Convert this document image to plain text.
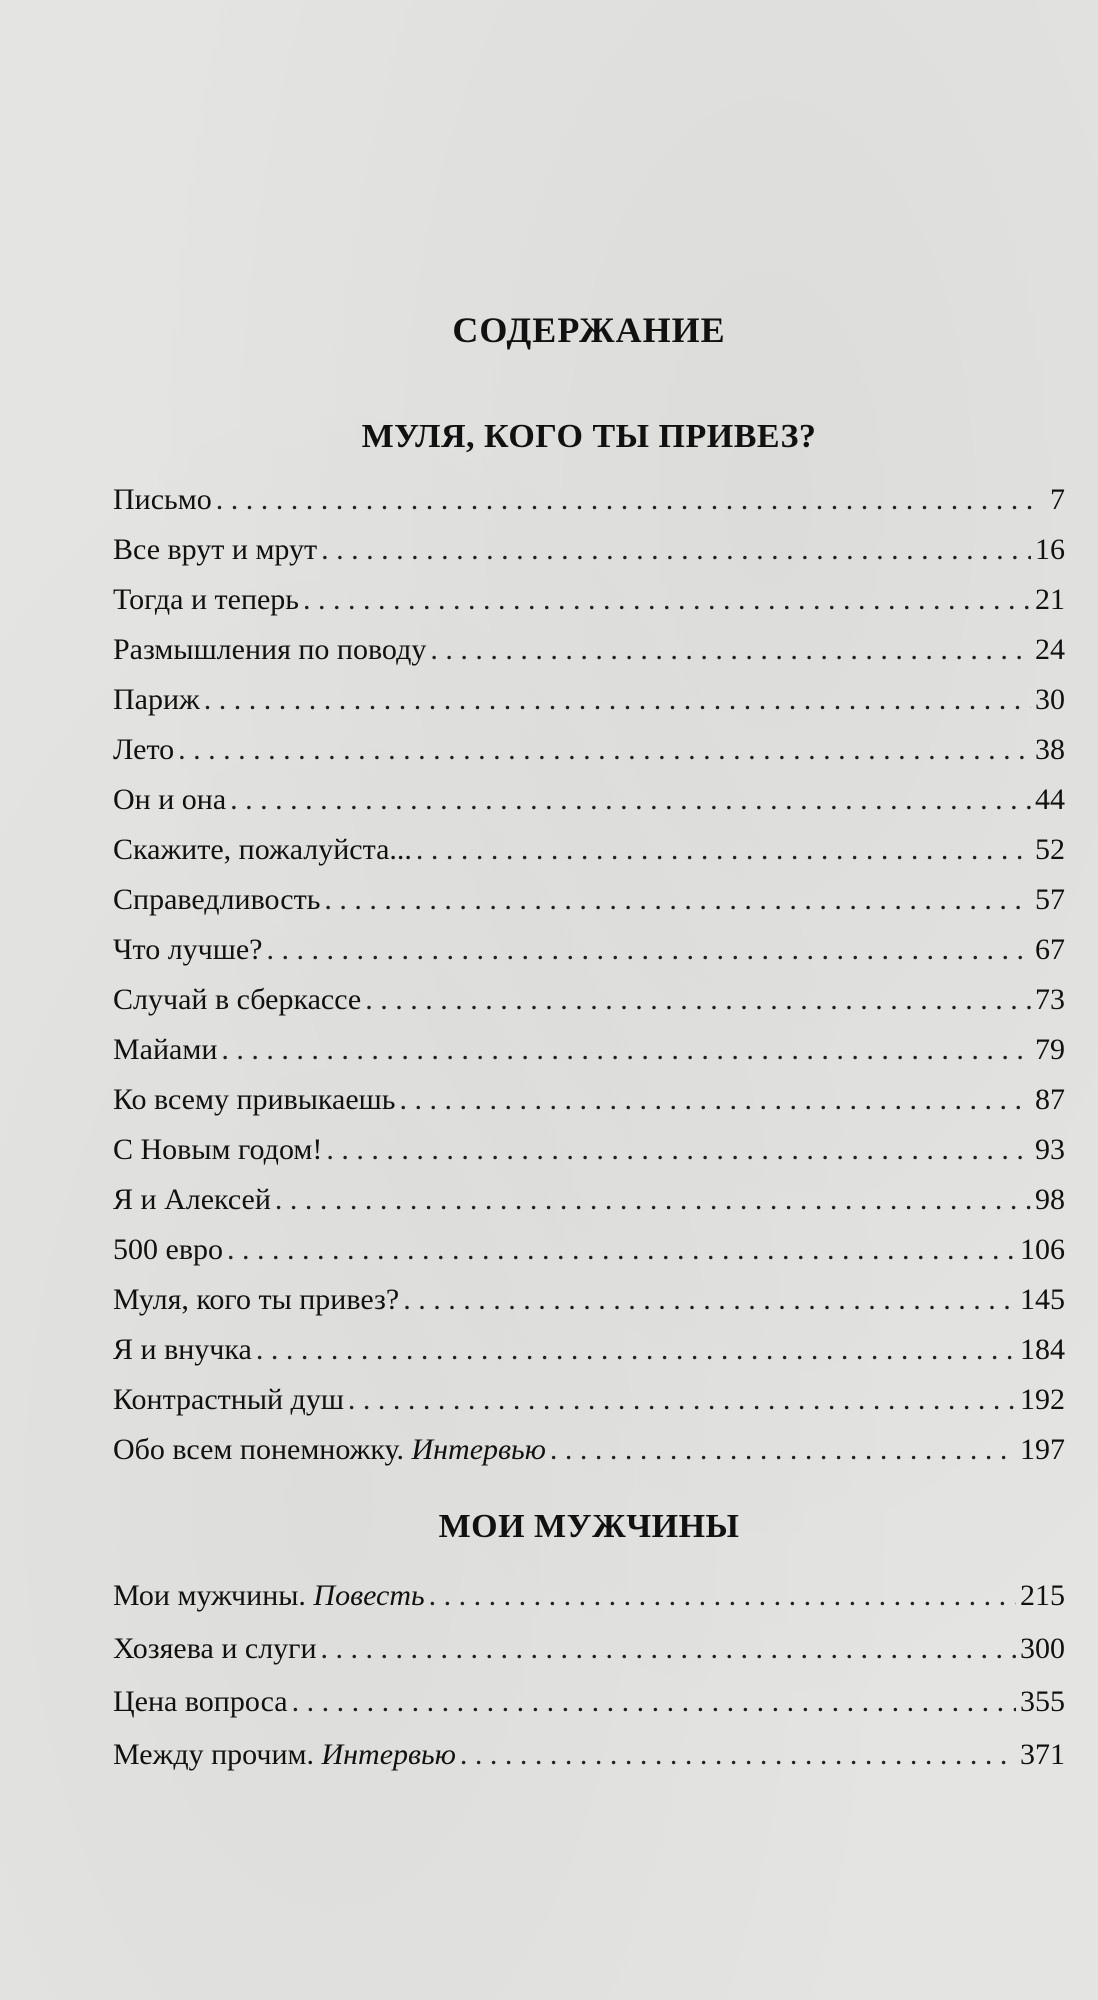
СОДЕРЖАНИЕ
МУЛЯ, КОГО ТЫ ПРИВЕЗ?
Письмо . . .	7
Все врут и мрут . . .	16
Тогда и теперь . . .	21
Размышления по поводу . . .	24
Париж . . .	30
Лето . . .	38
Он и она . . .	44
Скажите, пожалуйста... . . .	52
Справедливость . . .	57
Что лучше? . . .	67
Случай в сберкассе . . .	73
Майами . . .	79
Ко всему привыкаешь . . .	87
С Новым годом! . . .	93
Я и Алексей . . .	98
500 евро . . .	106
Муля, кого ты привез? . . .	145
Я и внучка . . .	184
Контрастный душ . . .	192
Обо всем понемножку. Интервью . . .	197
МОИ МУЖЧИНЫ
Мои мужчины. Повесть . . .	215
Хозяева и слуги . . .	300
Цена вопроса . . .	355
Между прочим. Интервью . . .	371
